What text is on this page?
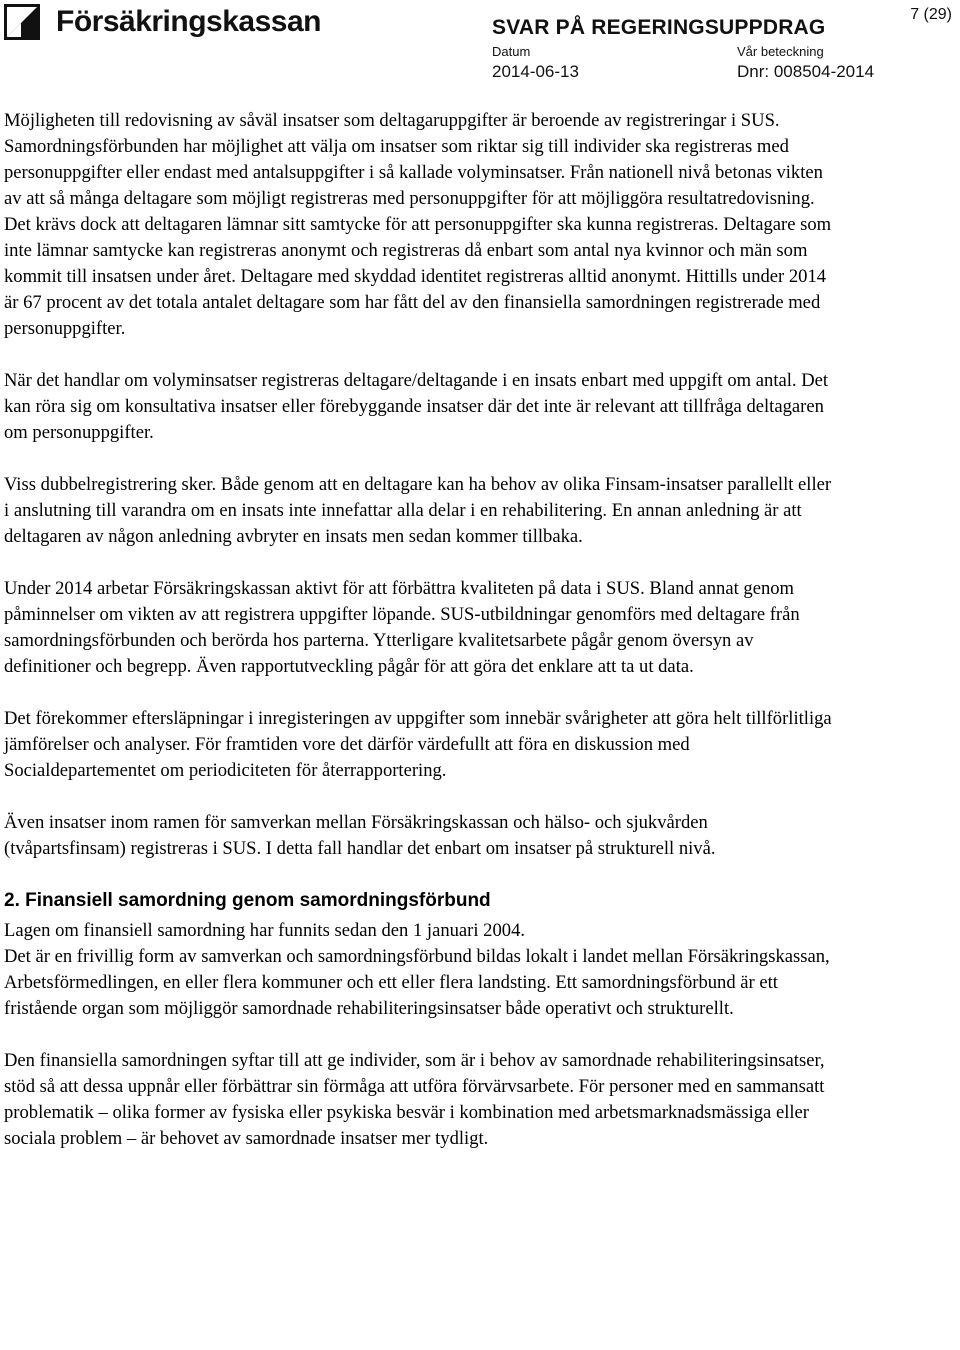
Försäkringskassan	SVAR PÅ REGERINGSUPPDRAG
Datum
2014-06-13
Vår beteckning
Dnr: 008504-2014
7 (29)

Möjligheten till redovisning av såväl insatser som deltagaruppgifter är beroende av registreringar i SUS. Samordningsförbunden har möjlighet att välja om insatser som riktar sig till individer ska registreras med personuppgifter eller endast med antalsuppgifter i så kallade volyminsatser. Från nationell nivå betonas vikten av att så många deltagare som möjligt registreras med personuppgifter för att möjliggöra resultatredovisning. Det krävs dock att deltagaren lämnar sitt samtycke för att personuppgifter ska kunna registreras. Deltagare som inte lämnar samtycke kan registreras anonymt och registreras då enbart som antal nya kvinnor och män som kommit till insatsen under året. Deltagare med skyddad identitet registreras alltid anonymt. Hittills under 2014 är 67 procent av det totala antalet deltagare som har fått del av den finansiella samordningen registrerade med personuppgifter.

När det handlar om volyminsatser registreras deltagare/deltagande i en insats enbart med uppgift om antal. Det kan röra sig om konsultativa insatser eller förebyggande insatser där det inte är relevant att tillfråga deltagaren om personuppgifter.

Viss dubbelregistrering sker. Både genom att en deltagare kan ha behov av olika Finsam-insatser parallellt eller i anslutning till varandra om en insats inte innefattar alla delar i en rehabilitering. En annan anledning är att deltagaren av någon anledning avbryter en insats men sedan kommer tillbaka.

Under 2014 arbetar Försäkringskassan aktivt för att förbättra kvaliteten på data i SUS. Bland annat genom påminnelser om vikten av att registrera uppgifter löpande. SUS-utbildningar genomförs med deltagare från samordningsförbunden och berörda hos parterna. Ytterligare kvalitetsarbete pågår genom översyn av definitioner och begrepp. Även rapportutveckling pågår för att göra det enklare att ta ut data.

Det förekommer eftersläpningar i inregisteringen av uppgifter som innebär svårigheter att göra helt tillförlitliga jämförelser och analyser. För framtiden vore det därför värdefullt att föra en diskussion med Socialdepartementet om periodiciteten för återrapportering.

Även insatser inom ramen för samverkan mellan Försäkringskassan och hälso- och sjukvården (tvåpartsfinsam) registreras i SUS. I detta fall handlar det enbart om insatser på strukturell nivå.

2. Finansiell samordning genom samordningsförbund

Lagen om finansiell samordning har funnits sedan den 1 januari 2004.

Det är en frivillig form av samverkan och samordningsförbund bildas lokalt i landet mellan Försäkringskassan, Arbetsförmedlingen, en eller flera kommuner och ett eller flera landsting. Ett samordningsförbund är ett fristående organ som möjliggör samordnade rehabiliteringsinsatser både operativt och strukturellt.

Den finansiella samordningen syftar till att ge individer, som är i behov av samordnade rehabiliteringsinsatser, stöd så att dessa uppnår eller förbättrar sin förmåga att utföra förvärvsarbete. För personer med en sammansatt problematik – olika former av fysiska eller psykiska besvär i kombination med arbetsmarknadsmässiga eller sociala problem – är behovet av samordnade insatser mer tydligt.
